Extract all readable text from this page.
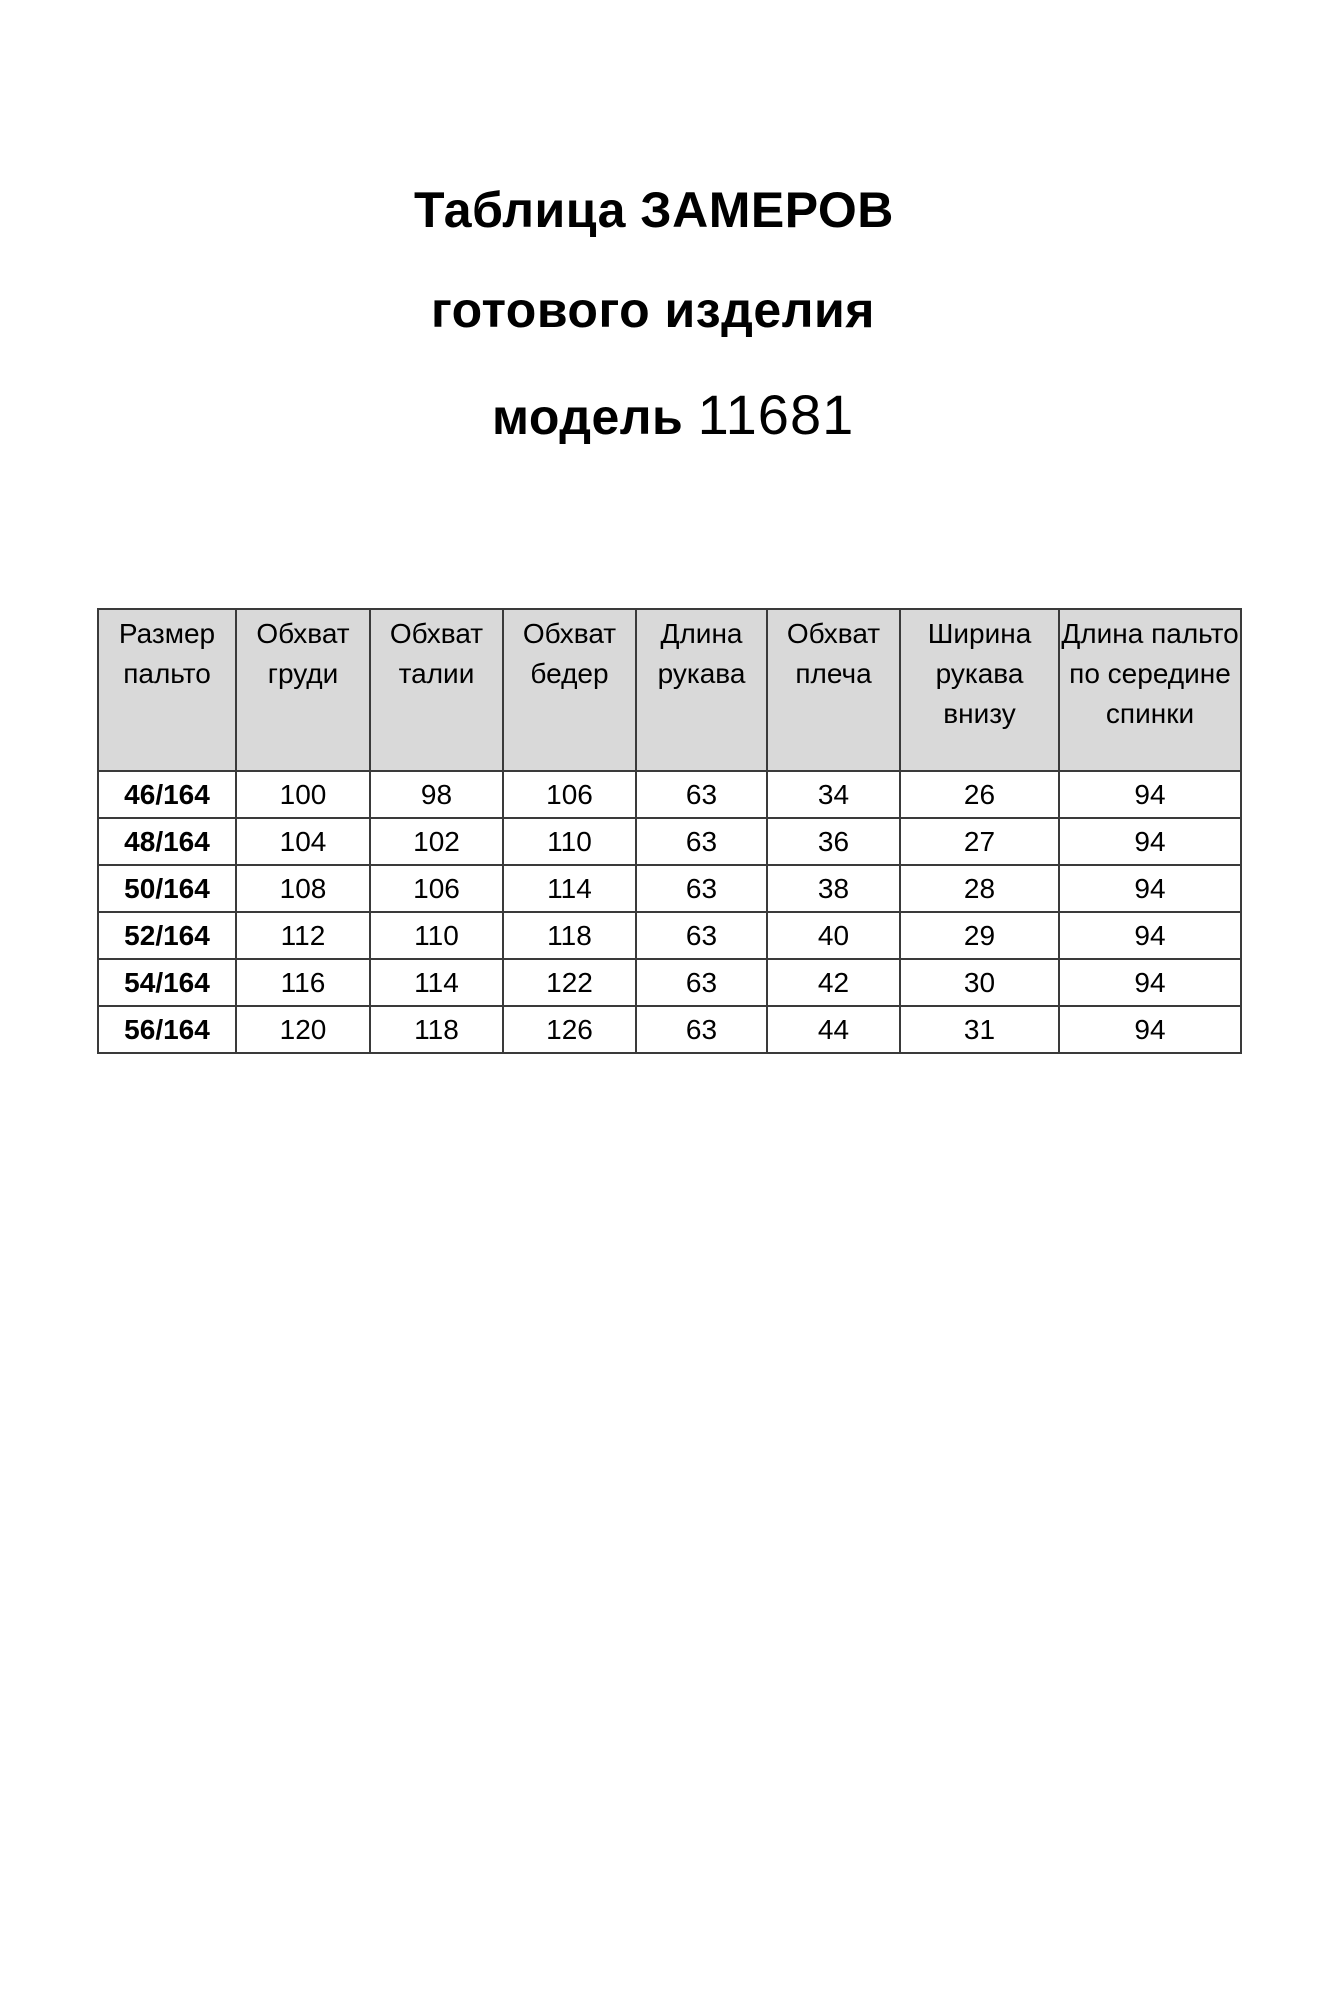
Таблица ЗАМЕРОВ
готового изделия
модель 11681
Размер пальто	Обхват груди	Обхват талии	Обхват бедер	Длина рукава	Обхват плеча	Ширина рукава внизу	Длина пальто по середине спинки
46/164	100	98	106	63	34	26	94
48/164	104	102	110	63	36	27	94
50/164	108	106	114	63	38	28	94
52/164	112	110	118	63	40	29	94
54/164	116	114	122	63	42	30	94
56/164	120	118	126	63	44	31	94
